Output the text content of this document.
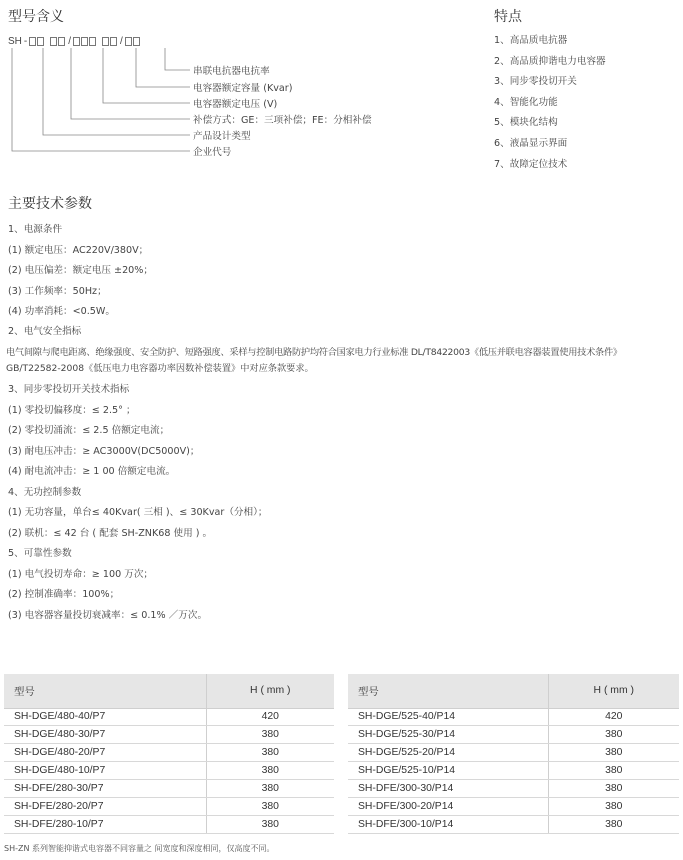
型号含义
SH -	/	/
串联电抗器电抗率
电容器额定容量 (Kvar)
电容器额定电压 (V)
补偿方式：GE：三项补偿；FE：分相补偿
产品设计类型
企业代号
特点
1、高品质电抗器
2、高品质抑谐电力电容器
3、同步零投切开关
4、智能化功能
5、模块化结构
6、液晶显示界面
7、故障定位技术
主要技术参数
1、电源条件
(1) 额定电压：AC220V/380V；
(2) 电压偏差：额定电压 ±20%；
(3) 工作频率：50Hz；
(4) 功率消耗：<0.5W。
2、电气安全指标
电气间隙与爬电距离、绝缘强度、安全防护、短路强度、采样与控制电路防护均符合国家电力行业标准 DL/T8422003《低压并联电容器装置使用技术条件》
GB/T22582-2008《低压电力电容器功率因数补偿装置》中对应条款要求。
3、同步零投切开关技术指标
(1) 零投切偏移度：≤ 2.5° ；
(2) 零投切涌流：≤ 2.5 倍额定电流；
(3) 耐电压冲击：≥ AC3000V(DC5000V)；
(4) 耐电流冲击：≥ 1 00 倍额定电流。
4、无功控制参数
(1) 无功容量，单台≤ 40Kvar( 三相 )、≤ 30Kvar（分相）；
(2) 联机：≤ 42 台 ( 配套 SH-ZNK68 使用 ) 。
5、可靠性参数
(1) 电气投切寿命：≥ 100 万次；
(2) 控制准确率：100%；
(3) 电容器容量投切衰减率：≤ 0.1% ／万次。
型号	H ( mm )
SH-DGE/480-40/P7	420
SH-DGE/480-30/P7	380
SH-DGE/480-20/P7	380
SH-DGE/480-10/P7	380
SH-DFE/280-30/P7	380
SH-DFE/280-20/P7	380
SH-DFE/280-10/P7	380
型号	H ( mm )
SH-DGE/525-40/P14	420
SH-DGE/525-30/P14	380
SH-DGE/525-20/P14	380
SH-DGE/525-10/P14	380
SH-DFE/300-30/P14	380
SH-DFE/300-20/P14	380
SH-DFE/300-10/P14	380
SH-ZN 系列智能抑谐式电容器不同容量之 间宽度和深度相同，仅高度不同。
